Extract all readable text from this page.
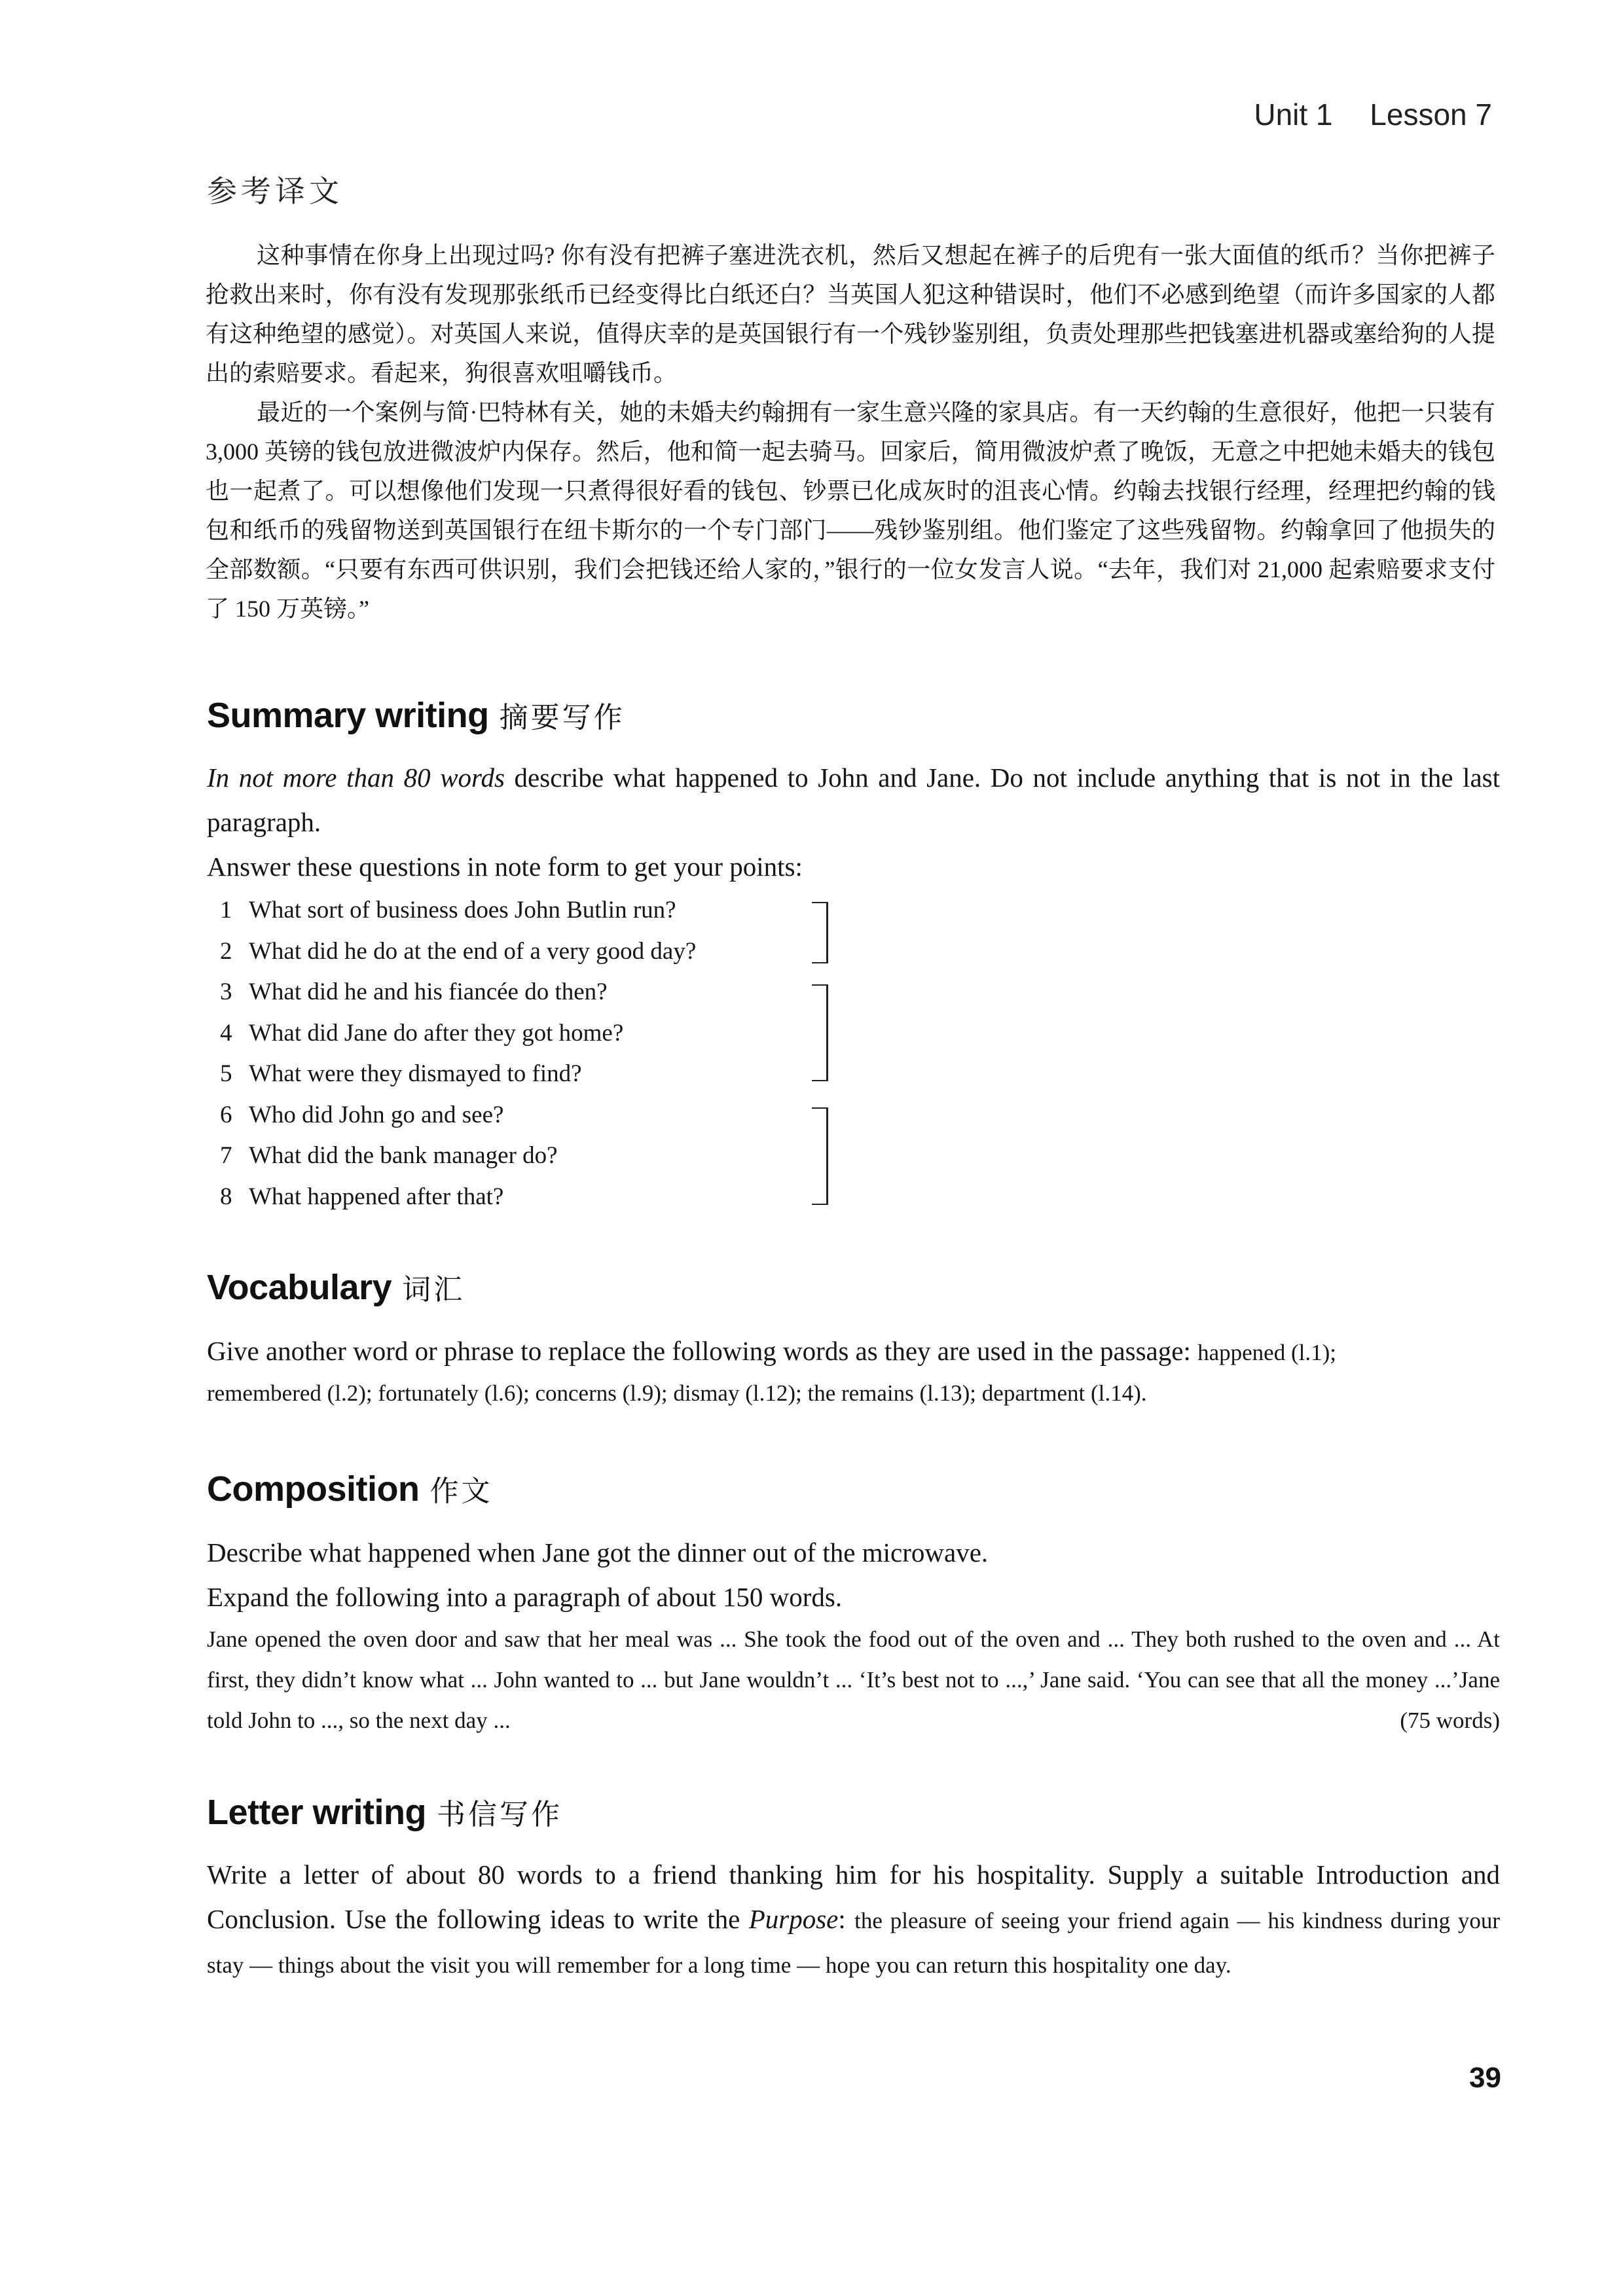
Unit 1 Lesson 7
参考译文

这种事情在你身上出现过吗? 你有没有把裤子塞进洗衣机，然后又想起在裤子的后兜有一张大面值的纸币？当你把裤子抢救出来时，你有没有发现那张纸币已经变得比白纸还白？当英国人犯这种错误时，他们不必感到绝望（而许多国家的人都有这种绝望的感觉）。对英国人来说，值得庆幸的是英国银行有一个残钞鉴别组，负责处理那些把钱塞进机器或塞给狗的人提出的索赔要求。看起来，狗很喜欢咀嚼钱币。

最近的一个案例与简·巴特林有关，她的未婚夫约翰拥有一家生意兴隆的家具店。有一天约翰的生意很好，他把一只装有 3,000 英镑的钱包放进微波炉内保存。然后，他和简一起去骑马。回家后，简用微波炉煮了晚饭，无意之中把她未婚夫的钱包也一起煮了。可以想像他们发现一只煮得很好看的钱包、钞票已化成灰时的沮丧心情。约翰去找银行经理，经理把约翰的钱包和纸币的残留物送到英国银行在纽卡斯尔的一个专门部门——残钞鉴别组。他们鉴定了这些残留物。约翰拿回了他损失的全部数额。“只要有东西可供识别，我们会把钱还给人家的，”银行的一位女发言人说。“去年，我们对 21,000 起索赔要求支付了 150 万英镑。”

Summary writing 摘要写作

In not more than 80 words describe what happened to John and Jane. Do not include anything that is not in the last paragraph.

Answer these questions in note form to get your points:

1 What sort of business does John Butlin run?
2 What did he do at the end of a very good day?
3 What did he and his fiancée do then?
4 What did Jane do after they got home?
5 What were they dismayed to find?
6 Who did John go and see?
7 What did the bank manager do?
8 What happened after that?
Vocabulary 词汇

Give another word or phrase to replace the following words as they are used in the passage: happened (l.1);

remembered (l.2); fortunately (l.6); concerns (l.9); dismay (l.12); the remains (l.13); department (l.14).

Composition 作文

Describe what happened when Jane got the dinner out of the microwave.

Expand the following into a paragraph of about 150 words.

Jane opened the oven door and saw that her meal was ... She took the food out of the oven and ... They both rushed to the oven and ... At first, they didn’t know what ... John wanted to ... but Jane wouldn’t ... ‘It’s best not to ...,’ Jane said. ‘You can see that all the money ...’Jane told John to ..., so the next day ...	(75 words)

Letter writing 书信写作

Write a letter of about 80 words to a friend thanking him for his hospitality. Supply a suitable Introduction and Conclusion. Use the following ideas to write the Purpose: the pleasure of seeing your friend again — his kindness during your stay — things about the visit you will remember for a long time — hope you can return this hospitality one day.

39
